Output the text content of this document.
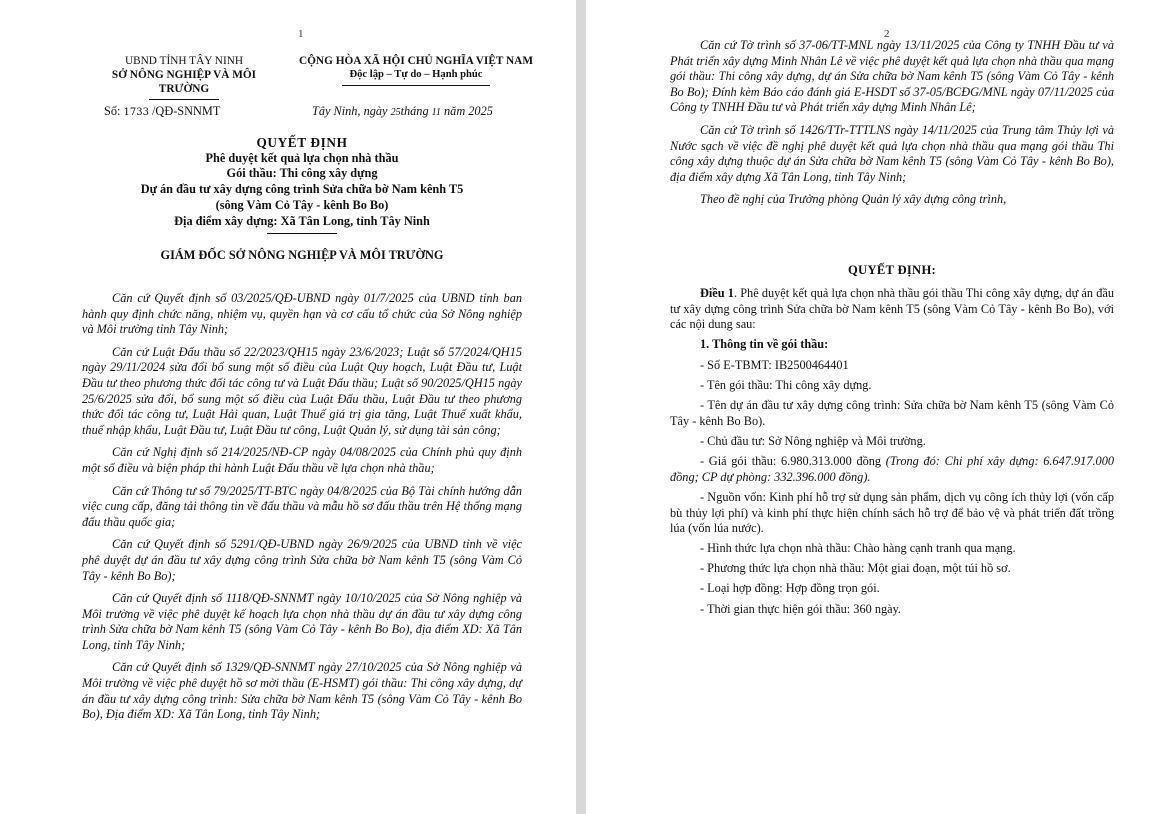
1
UBND TỈNH TÂY NINH
SỞ NÔNG NGHIỆP VÀ MÔI TRƯỜNG
CỘNG HÒA XÃ HỘI CHỦ NGHĨA VIỆT NAM
Độc lập – Tự do – Hạnh phúc
Số: 1733 /QĐ-SNNMT	Tây Ninh, ngày 25tháng 11 năm 2025
QUYẾT ĐỊNH
Phê duyệt kết quả lựa chọn nhà thầu
Gói thầu: Thi công xây dựng
Dự án đầu tư xây dựng công trình Sửa chữa bờ Nam kênh T5
(sông Vàm Cỏ Tây - kênh Bo Bo)
Địa điểm xây dựng: Xã Tân Long, tỉnh Tây Ninh
GIÁM ĐỐC SỞ NÔNG NGHIỆP VÀ MÔI TRƯỜNG

Căn cứ Quyết định số 03/2025/QĐ-UBND ngày 01/7/2025 của UBND tỉnh ban hành quy định chức năng, nhiệm vụ, quyền hạn và cơ cấu tổ chức của Sở Nông nghiệp và Môi trường tỉnh Tây Ninh;

Căn cứ Luật Đấu thầu số 22/2023/QH15 ngày 23/6/2023; Luật số 57/2024/QH15 ngày 29/11/2024 sửa đổi bổ sung một số điều của Luật Quy hoạch, Luật Đầu tư, Luật Đầu tư theo phương thức đối tác công tư và Luật Đấu thầu; Luật số 90/2025/QH15 ngày 25/6/2025 sửa đổi, bổ sung một số điều của Luật Đấu thầu, Luật Đầu tư theo phương thức đối tác công tư, Luật Hải quan, Luật Thuế giá trị gia tăng, Luật Thuế xuất khẩu, thuế nhập khẩu, Luật Đầu tư, Luật Đầu tư công, Luật Quản lý, sử dụng tài sản công;

Căn cứ Nghị định số 214/2025/NĐ-CP ngày 04/08/2025 của Chính phủ quy định một số điều và biện pháp thi hành Luật Đấu thầu về lựa chọn nhà thầu;

Căn cứ Thông tư số 79/2025/TT-BTC ngày 04/8/2025 của Bộ Tài chính hướng dẫn việc cung cấp, đăng tải thông tin về đấu thầu và mẫu hồ sơ đấu thầu trên Hệ thống mạng đấu thầu quốc gia;

Căn cứ Quyết định số 5291/QĐ-UBND ngày 26/9/2025 của UBND tỉnh về việc phê duyệt dự án đầu tư xây dựng công trình Sửa chữa bờ Nam kênh T5 (sông Vàm Cỏ Tây - kênh Bo Bo);

Căn cứ Quyết định số 1118/QĐ-SNNMT ngày 10/10/2025 của Sở Nông nghiệp và Môi trường về việc phê duyệt kế hoạch lựa chọn nhà thầu dự án đầu tư xây dựng công trình Sửa chữa bờ Nam kênh T5 (sông Vàm Cỏ Tây - kênh Bo Bo), địa điểm XD: Xã Tân Long, tỉnh Tây Ninh;

Căn cứ Quyết định số 1329/QĐ-SNNMT ngày 27/10/2025 của Sở Nông nghiệp và Môi trường về việc phê duyệt hồ sơ mời thầu (E-HSMT) gói thầu: Thi công xây dựng, dự án đầu tư xây dựng công trình: Sửa chữa bờ Nam kênh T5 (sông Vàm Cỏ Tây - kênh Bo Bo), Địa điểm XD: Xã Tân Long, tỉnh Tây Ninh;

2

Căn cứ Tờ trình số 37-06/TT-MNL ngày 13/11/2025 của Công ty TNHH Đầu tư và Phát triển xây dựng Minh Nhân Lê về việc phê duyệt kết quả lựa chọn nhà thầu qua mạng gói thầu: Thi công xây dựng, dự án Sửa chữa bờ Nam kênh T5 (sông Vàm Cỏ Tây - kênh Bo Bo); Đính kèm Báo cáo đánh giá E-HSDT số 37-05/BCĐG/MNL ngày 07/11/2025 của Công ty TNHH Đầu tư và Phát triển xây dựng Minh Nhân Lê;

Căn cứ Tờ trình số 1426/TTr-TTTLNS ngày 14/11/2025 của Trung tâm Thủy lợi và Nước sạch về việc đề nghị phê duyệt kết quả lựa chọn nhà thầu qua mạng gói thầu Thi công xây dựng thuộc dự án Sửa chữa bờ Nam kênh T5 (sông Vàm Cỏ Tây - kênh Bo Bo), địa điểm xây dựng Xã Tân Long, tỉnh Tây Ninh;

Theo đề nghị của Trưởng phòng Quản lý xây dựng công trình,

QUYẾT ĐỊNH:

Điều 1. Phê duyệt kết quả lựa chọn nhà thầu gói thầu Thi công xây dựng, dự án đầu tư xây dựng công trình Sửa chữa bờ Nam kênh T5 (sông Vàm Cỏ Tây - kênh Bo Bo), với các nội dung sau:

1. Thông tin về gói thầu:

- Số E-TBMT: IB2500464401

- Tên gói thầu: Thi công xây dựng.

- Tên dự án đầu tư xây dựng công trình: Sửa chữa bờ Nam kênh T5 (sông Vàm Cỏ Tây - kênh Bo Bo).

- Chủ đầu tư: Sở Nông nghiệp và Môi trường.

- Giá gói thầu: 6.980.313.000 đồng (Trong đó: Chi phí xây dựng: 6.647.917.000 đồng; CP dự phòng: 332.396.000 đồng).

- Nguồn vốn: Kinh phí hỗ trợ sử dụng sản phẩm, dịch vụ công ích thủy lợi (vốn cấp bù thủy lợi phí) và kinh phí thực hiện chính sách hỗ trợ để bảo vệ và phát triển đất trồng lúa (vốn lúa nước).

- Hình thức lựa chọn nhà thầu: Chào hàng cạnh tranh qua mạng.

- Phương thức lựa chọn nhà thầu: Một giai đoạn, một túi hồ sơ.

- Loại hợp đồng: Hợp đồng trọn gói.

- Thời gian thực hiện gói thầu: 360 ngày.
